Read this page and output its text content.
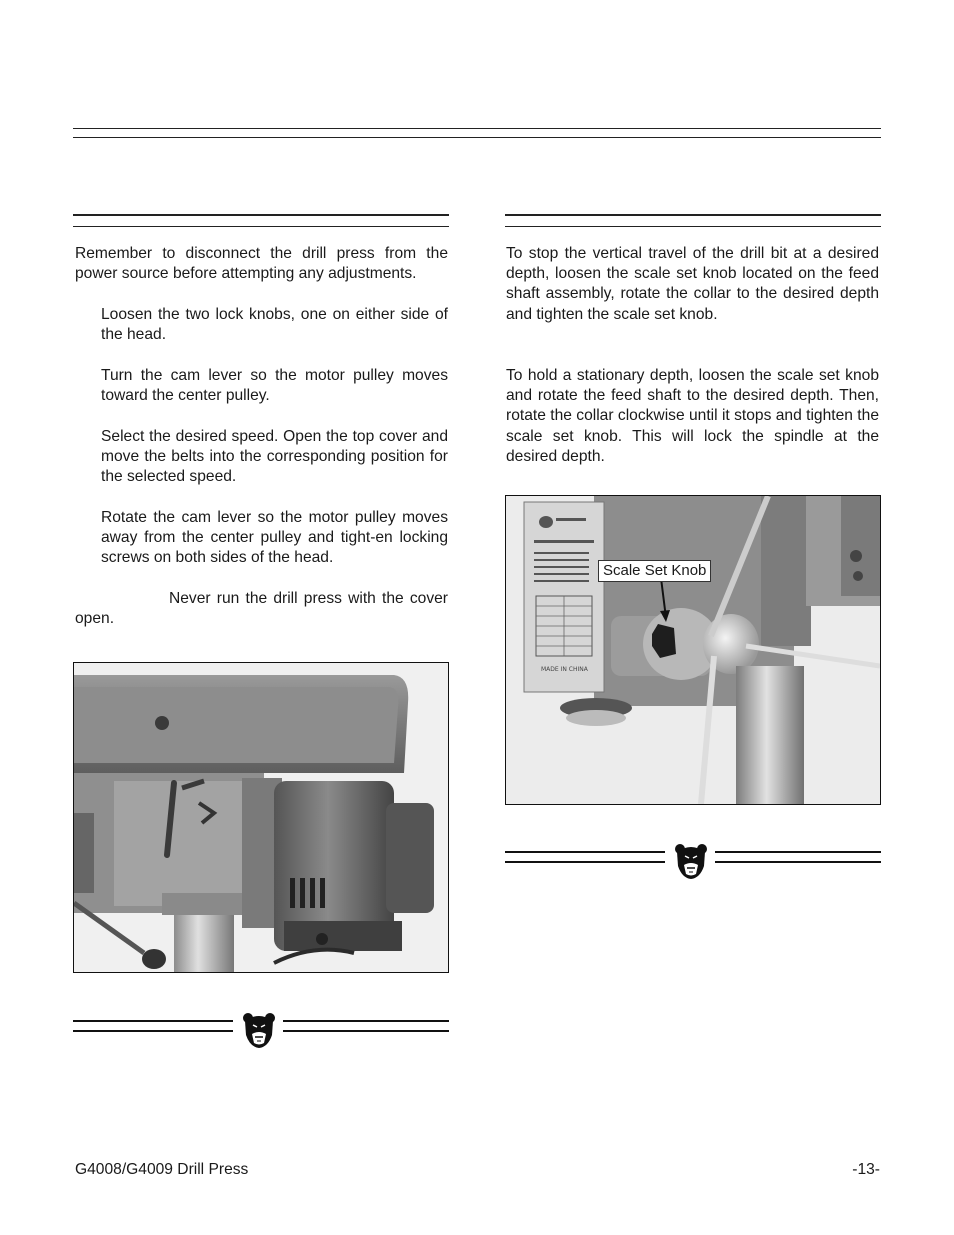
Remember to disconnect the drill press from the power source before attempting any adjustments.

Loosen the two lock knobs, one on either side of the head.

Turn the cam lever so the motor pulley moves toward the center pulley.

Select the desired speed. Open the top cover and move the belts into the corresponding position for the selected speed.

Rotate the cam lever so the motor pulley moves away from the center pulley and tight-en locking screws on both sides of the head.

Never run the drill press with the cover open.

To stop the vertical travel of the drill bit at a desired depth, loosen the scale set knob located on the feed shaft assembly, rotate the collar to the desired depth and tighten the scale set knob.

To hold a stationary depth, loosen the scale set knob and rotate the feed shaft to the desired depth. Then, rotate the collar clockwise until it stops and tighten the scale set knob. This will lock the spindle at the desired depth.

MADE IN CHINA
Scale Set Knob
G4008/G4009 Drill Press	-13-
